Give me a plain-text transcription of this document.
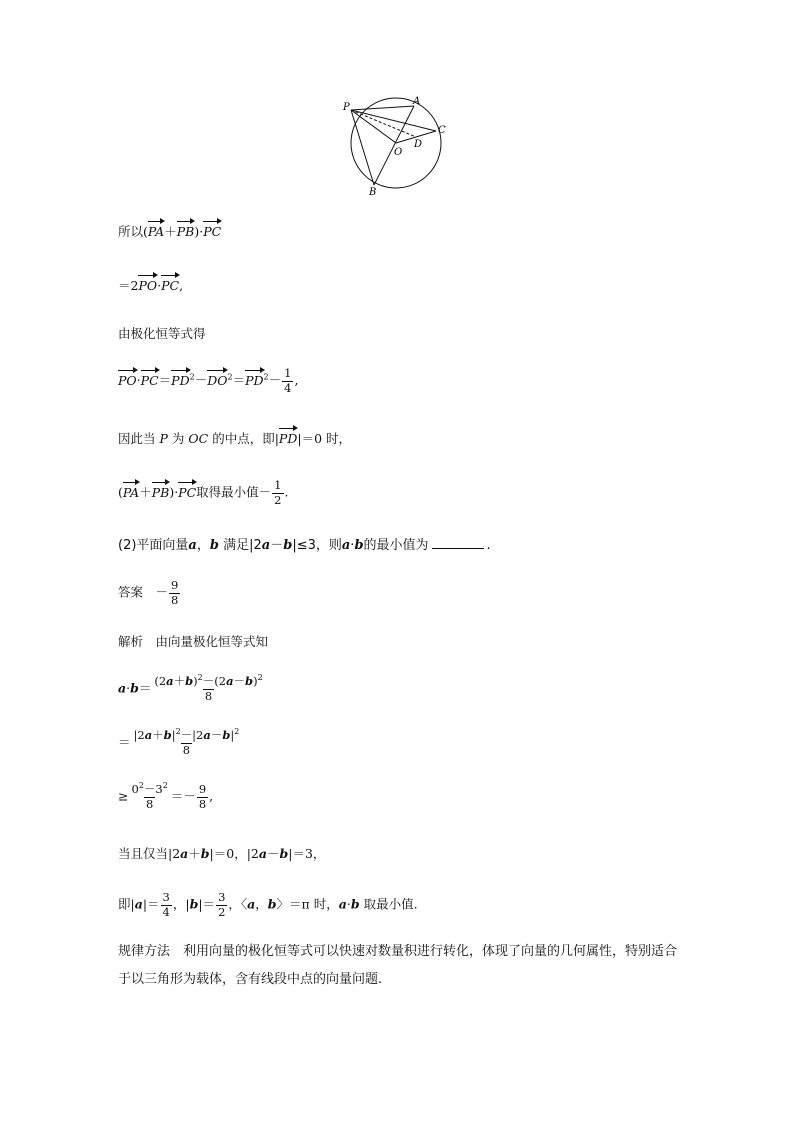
P
A
C
O
D
B
所以(PA＋PB)·PC
＝2PO·PC,
由极化恒等式得
$PO\cdot PC=PD^2-DO^2=PD^2- \frac{1}{4}$ ,
因此当 P 为 OC 的中点，即|PD|＝0 时，
(PA＋PB)·PC取得最小值－ $\frac{1}{2}$ .
(2)平面向量a，b 满足|2a－b|≤3，则a·b的最小值为	.
答案　－ $\frac{9}{8}$
解析　 由向量极化恒等式知
$a\cdot b= \frac{(2a+b)^2-(2a-b)^2}{8}$
＝ $\frac{|2a+b|^2-|2a-b|^2}{8}$
≥ $\frac{0^2-3^2}{8} =- \frac{9}{8}$ ,
当且仅当|2a＋b|＝0，|2a－b|＝3，
即$|a|= \frac{3}{4}$ ，$|b|= \frac{3}{2}$ ，〈a，b〉＝π 时，a·b 取最小值.
规律方法　利用向量的极化恒等式可以快速对数量积进行转化，体现了向量的几何属性，特别适合于以三角形为载体，含有线段中点的向量问题.
